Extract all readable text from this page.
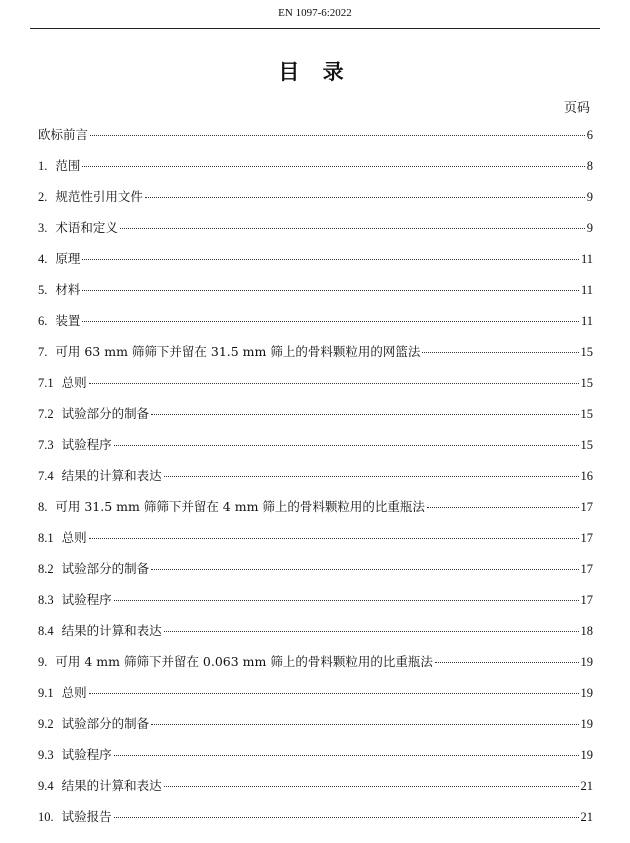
EN 1097-6:2022
目 录
页码
欧标前言	6
1. 范围	8
2. 规范性引用文件	9
3. 术语和定义	9
4. 原理	11
5. 材料	11
6. 装置	11
7. 可用 63 mm 筛筛下并留在 31.5 mm 筛上的骨料颗粒用的网篮法	15
7.1 总则	15
7.2 试验部分的制备	15
7.3 试验程序	15
7.4 结果的计算和表达	16
8. 可用 31.5 mm 筛筛下并留在 4 mm 筛上的骨料颗粒用的比重瓶法	17
8.1 总则	17
8.2 试验部分的制备	17
8.3 试验程序	17
8.4 结果的计算和表达	18
9. 可用 4 mm 筛筛下并留在 0.063 mm 筛上的骨料颗粒用的比重瓶法	19
9.1 总则	19
9.2 试验部分的制备	19
9.3 试验程序	19
9.4 结果的计算和表达	21
10. 试验报告	21
